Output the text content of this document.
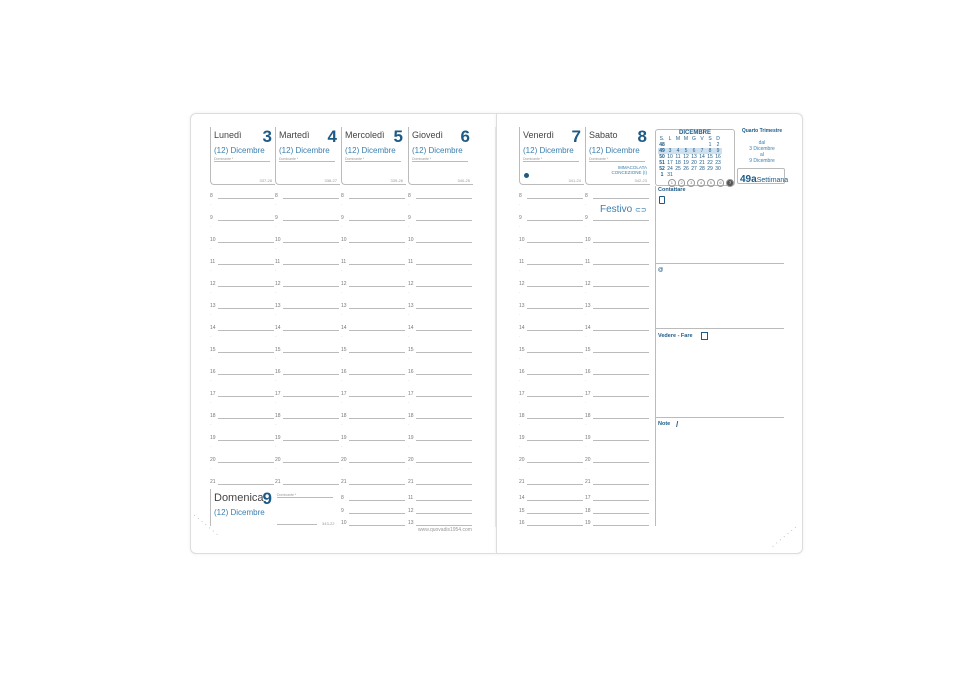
www.quovadis1954.com
Festivo ⊂⊃
Domenica 9
(12) Dicembre
Dominante *
343-22
DICEMBRE
S.	L	M	M	G	V	S	D
48						1	2
49	3	4	5	6	7	8	9
50	10	11	12	13	14	15	16
51	17	18	19	20	21	22	23
52	24	25	26	27	28	29	30
1	31						
1	2	3	4	5	6	7
Quarto Trimestre
dal
3 Dicembre
al
9 Dicembre
49aSettimana
Contattare
@
Vedere - Fare
Note /
· · · · · · ·	· · · · · · ·
Lunedì 3
(12) Dicembre
Dominante *
337-28
8
·
9
·
10
·
11
·
12
·
13
·
14
·
15
·
16
·
17
·
18
·
19
·
20
·
21
Martedì 4
(12) Dicembre
Dominante *
338-27
8
·
9
·
10
·
11
·
12
·
13
·
14
·
15
·
16
·
17
·
18
·
19
·
20
·
21
Mercoledì 5
(12) Dicembre
Dominante *
339-26
8
·
9
·
10
·
11
·
12
·
13
·
14
·
15
·
16
·
17
·
18
·
19
·
20
·
21
Giovedì 6
(12) Dicembre
Dominante *
340-25
8
·
9
·
10
·
11
·
12
·
13
·
14
·
15
·
16
·
17
·
18
·
19
·
20
·
21
Venerdì 7
(12) Dicembre
Dominante *
341-24
8
·
9
·
10
·
11
·
12
·
13
·
14
·
15
·
16
·
17
·
18
·
19
·
20
·
21
Sabato 8
(12) Dicembre
Dominante *
342-23
IMMACOLATA CONCEZIONE (I)
8
·
9
·
10
·
11
·
12
·
13
·
14
·
15
·
16
·
17
·
18
·
19
·
20
·
21
14
15
16
17
18
19
8
9
10
11
12
13
